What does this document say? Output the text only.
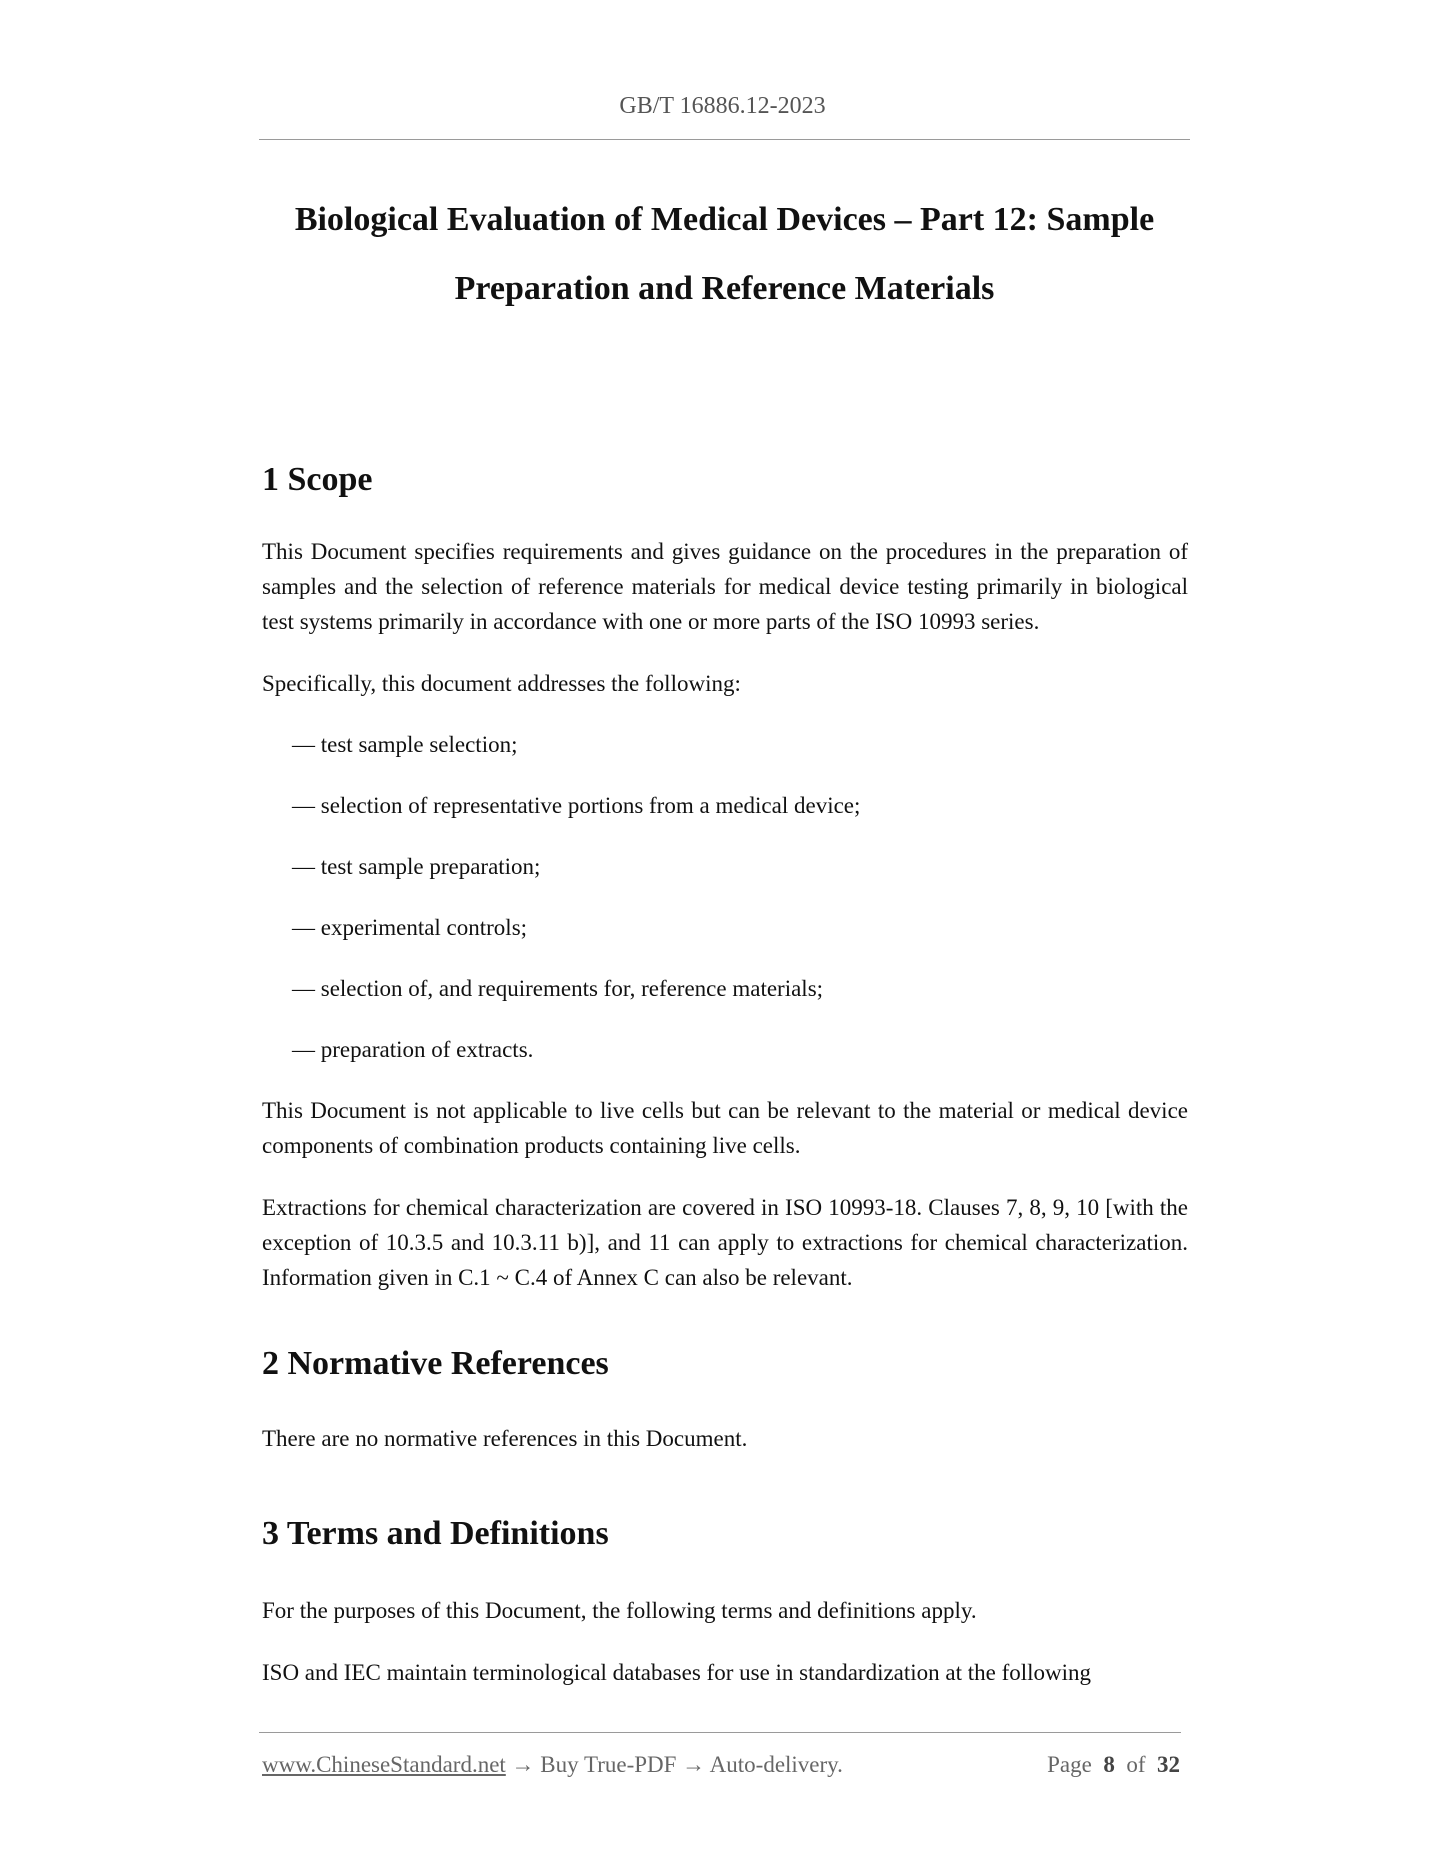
GB/T 16886.12-2023
Biological Evaluation of Medical Devices – Part 12: Sample
Preparation and Reference Materials
1 Scope

This Document specifies requirements and gives guidance on the procedures in the preparation of samples and the selection of reference materials for medical device testing primarily in biological test systems primarily in accordance with one or more parts of the ISO 10993 series.

Specifically, this document addresses the following:

— test sample selection;
— selection of representative portions from a medical device;
— test sample preparation;
— experimental controls;
— selection of, and requirements for, reference materials;
— preparation of extracts.

This Document is not applicable to live cells but can be relevant to the material or medical device components of combination products containing live cells.

Extractions for chemical characterization are covered in ISO 10993-18. Clauses 7, 8, 9, 10 [with the exception of 10.3.5 and 10.3.11 b)], and 11 can apply to extractions for chemical characterization. Information given in C.1 ~ C.4 of Annex C can also be relevant.

2 Normative References

There are no normative references in this Document.

3 Terms and Definitions

For the purposes of this Document, the following terms and definitions apply.

ISO and IEC maintain terminological databases for use in standardization at the following

www.ChineseStandard.net → Buy True-PDF → Auto-delivery.	Page 8 of 32
